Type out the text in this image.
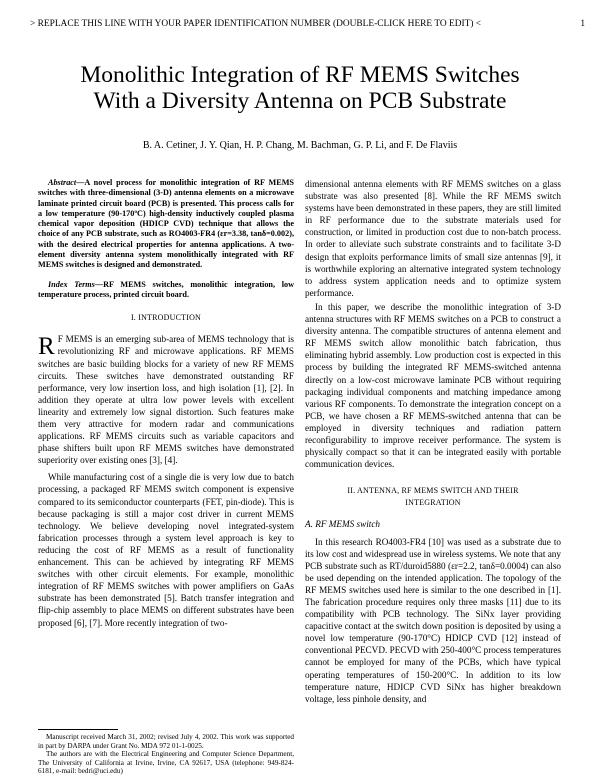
> REPLACE THIS LINE WITH YOUR PAPER IDENTIFICATION NUMBER (DOUBLE-CLICK HERE TO EDIT) <	1
Monolithic Integration of RF MEMS Switches
With a Diversity Antenna on PCB Substrate
B. A. Cetiner, J. Y. Qian, H. P. Chang, M. Bachman, G. P. Li, and F. De Flaviis

Abstract—A novel process for monolithic integration of RF MEMS switches with three-dimensional (3-D) antenna elements on a microwave laminate printed circuit board (PCB) is presented. This process calls for a low temperature (90-170ºC) high-density inductively coupled plasma chemical vapor deposition (HDICP CVD) technique that allows the choice of any PCB substrate, such as RO4003-FR4 (εr=3.38, tanδ=0.002), with the desired electrical properties for antenna applications. A two-element diversity antenna system monolithically integrated with RF MEMS switches is designed and demonstrated.

Index Terms—RF MEMS switches, monolithic integration, low temperature process, printed circuit board.

I. INTRODUCTION

R F MEMS is an emerging sub-area of MEMS technology that is revolutionizing RF and microwave applications. RF MEMS switches are basic building blocks for a variety of new RF MEMS circuits. These switches have demonstrated outstanding RF performance, very low insertion loss, and high isolation [1], [2]. In addition they operate at ultra low power levels with excellent linearity and extremely low signal distortion. Such features make them very attractive for modern radar and communications applications. RF MEMS circuits such as variable capacitors and phase shifters built upon RF MEMS switches have demonstrated superiority over existing ones [3], [4].

While manufacturing cost of a single die is very low due to batch processing, a packaged RF MEMS switch component is expensive compared to its semiconductor counterparts (FET, pin-diode). This is because packaging is still a major cost driver in current MEMS technology. We believe developing novel integrated-system fabrication processes through a system level approach is key to reducing the cost of RF MEMS as a result of functionality enhancement. This can be achieved by integrating RF MEMS switches with other circuit elements. For example, monolithic integration of RF MEMS switches with power amplifiers on GaAs substrate has been demonstrated [5]. Batch transfer integration and flip-chip assembly to place MEMS on different substrates have been proposed [6], [7]. More recently integration of two-

dimensional antenna elements with RF MEMS switches on a glass substrate was also presented [8]. While the RF MEMS switch systems have been demonstrated in these papers, they are still limited in RF performance due to the substrate materials used for construction, or limited in production cost due to non-batch process. In order to alleviate such substrate constraints and to facilitate 3-D design that exploits performance limits of small size antennas [9], it is worthwhile exploring an alternative integrated system technology to address system application needs and to optimize system performance.

In this paper, we describe the monolithic integration of 3-D antenna structures with RF MEMS switches on a PCB to construct a diversity antenna. The compatible structures of antenna element and RF MEMS switch allow monolithic batch fabrication, thus eliminating hybrid assembly. Low production cost is expected in this process by building the integrated RF MEMS-switched antenna directly on a low-cost microwave laminate PCB without requiring packaging individual components and matching impedance among various RF components. To demonstrate the integration concept on a PCB, we have chosen a RF MEMS-switched antenna that can be employed in diversity techniques and radiation pattern reconfigurability to improve receiver performance. The system is physically compact so that it can be integrated easily with portable communication devices.

II. ANTENNA, RF MEMS SWITCH AND THEIR
INTEGRATION
A. RF MEMS switch

In this research RO4003-FR4 [10] was used as a substrate due to its low cost and widespread use in wireless systems. We note that any PCB substrate such as RT/duroid5880 (εr=2.2, tanδ=0.0004) can also be used depending on the intended application. The topology of the RF MEMS switches used here is similar to the one described in [1]. The fabrication procedure requires only three masks [11] due to its compatibility with PCB technology. The SiNx layer providing capacitive contact at the switch down position is deposited by using a novel low temperature (90-170°C) HDICP CVD [12] instead of conventional PECVD. PECVD with 250-400°C process temperatures cannot be employed for many of the PCBs, which have typical operating temperatures of 150-200°C. In addition to its low temperature nature, HDICP CVD SiNx has higher breakdown voltage, less pinhole density, and

Manuscript received March 31, 2002; revised July 4, 2002. This work was supported in part by DARPA under Grant No. MDA 972 01-1-0025.

The authors are with the Electrical Engineering and Computer Science Department, The University of California at Irvine, Irvine, CA 92617, USA (telephone: 949-824-6181, e-mail: bedri@uci.edu)
